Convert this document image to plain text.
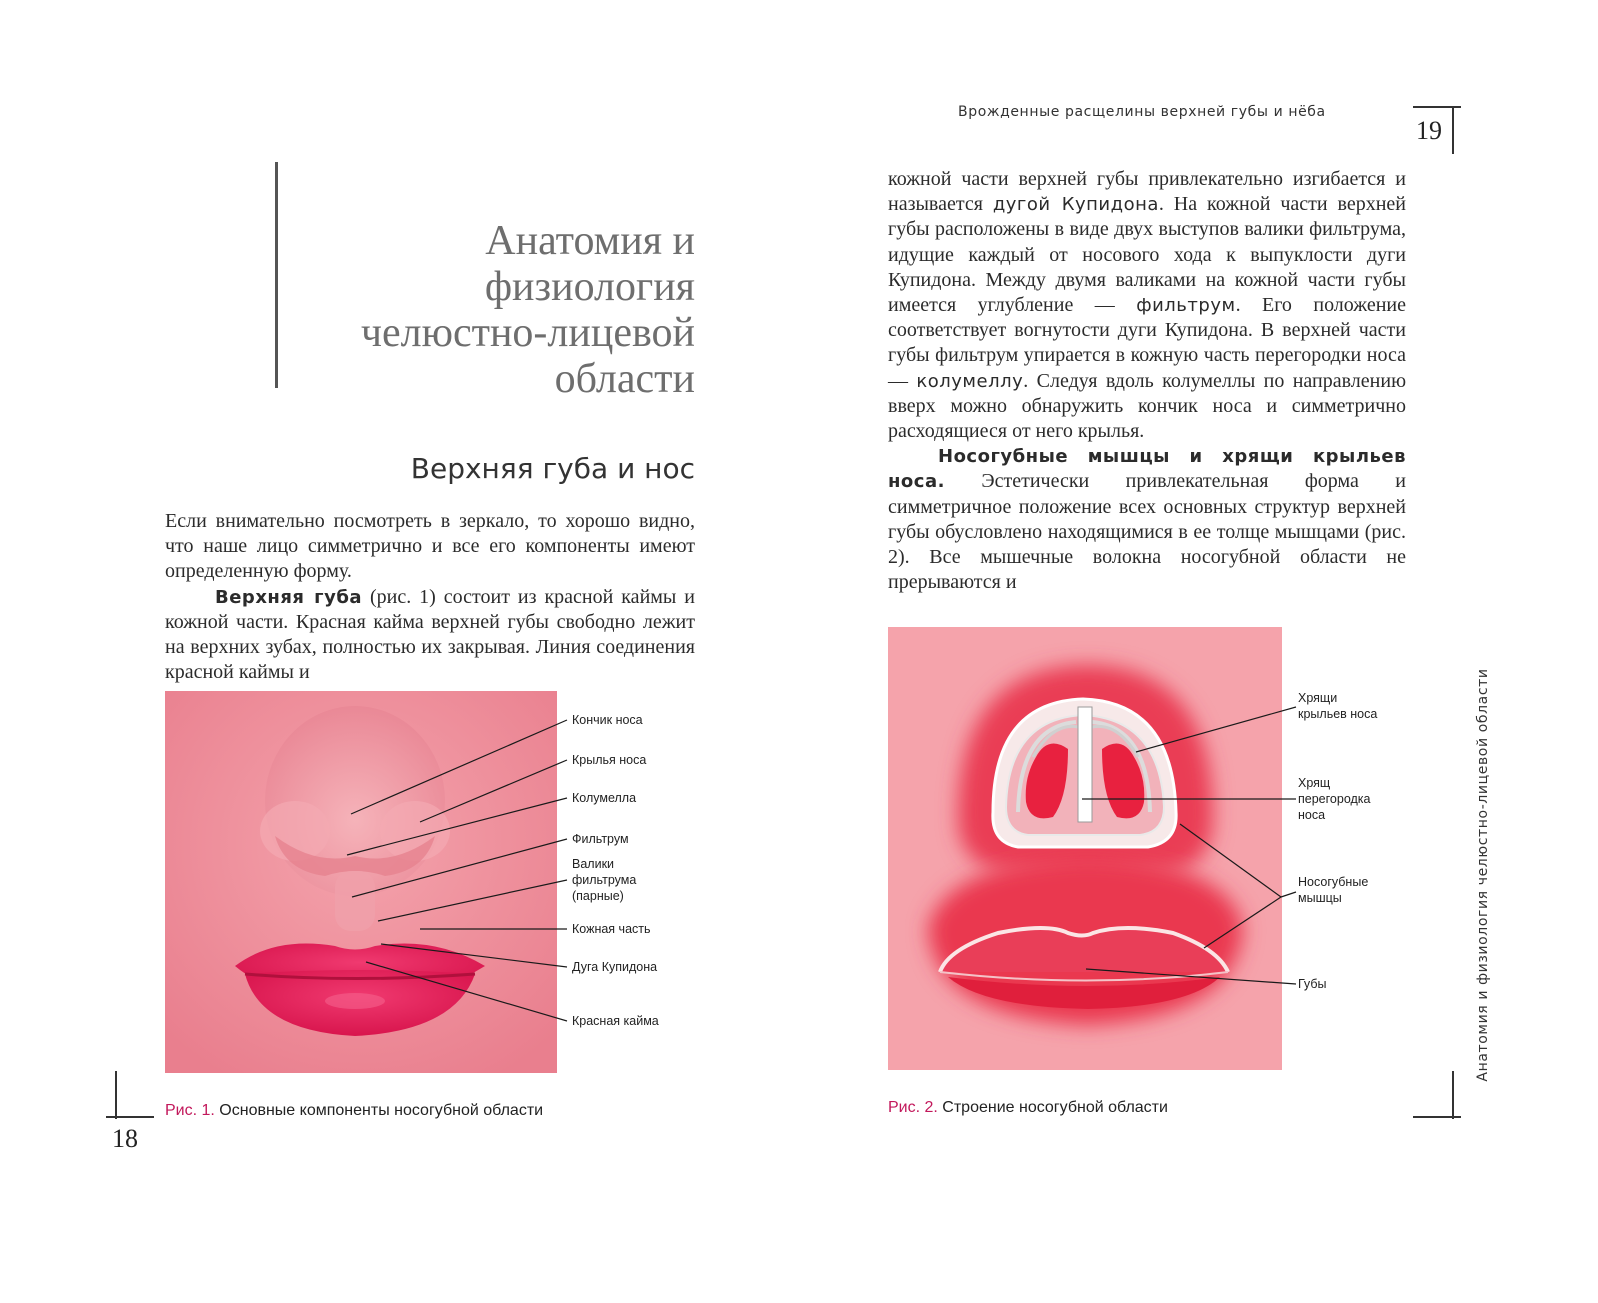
Анатомия и
физиология
челюстно-лицевой
области
Верхняя губа и нос

Если внимательно посмотреть в зеркало, то хорошо видно, что наше лицо симметрично и все его компоненты имеют определенную форму.

Верхняя губа (рис. 1) состоит из красной каймы и кожной части. Красная кайма верхней губы свободно лежит на верхних зубах, полностью их закрывая. Линия соединения красной каймы и

Кончик носа
Крылья носа
Колумелла
Фильтрум
Валики
фильтрума
(парные)
Кожная часть
Дуга Купидона
Красная кайма
Рис. 1. Основные компоненты носогубной области
18
Врожденные расщелины верхней губы и нёба
19
Анатомия и физиология челюстно-лицевой области

кожной части верхней губы привлекательно изгибается и называется дугой Купидона. На кожной части верхней губы расположены в виде двух выступов валики фильтрума, идущие каждый от носового хода к выпуклости дуги Купидона. Между двумя валиками на кожной части губы имеется углубление — фильтрум. Его положение соответствует вогнутости дуги Купидона. В верхней части губы фильтрум упирается в кожную часть перегородки носа — колумеллу. Следуя вдоль колумеллы по направлению вверх можно обнаружить кончик носа и симметрично расходящиеся от него крылья.

Носогубные мышцы и хрящи крыльев носа. Эстетически привлекательная форма и симметричное положение всех основных структур верхней губы обусловлено находящимися в ее толще мышцами (рис. 2). Все мышечные волокна носогубной области не прерываются и

Хрящи
крыльев носа
Хрящ
перегородка
носа
Носогубные
мышцы
Губы
Рис. 2. Строение носогубной области
